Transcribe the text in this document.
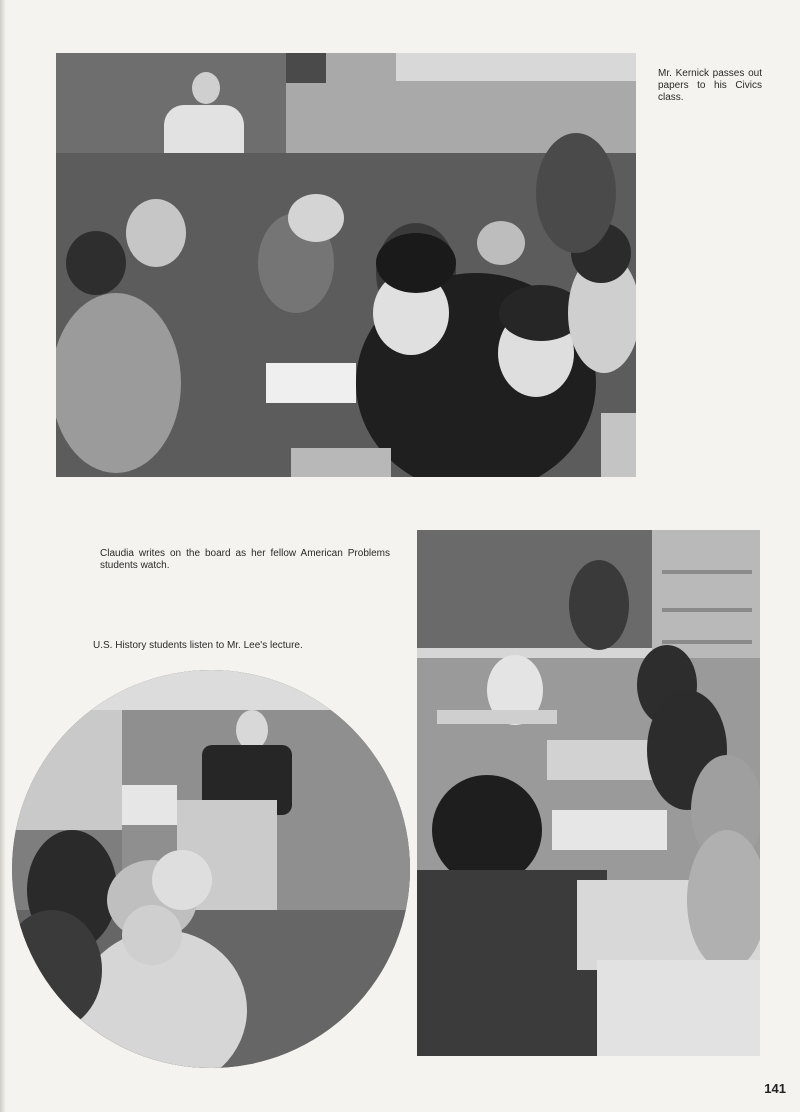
Mr. Kernick passes out papers to his Civics class.
Claudia writes on the board as her fellow American Problems students watch.
U.S. History students listen to Mr. Lee's lecture.
141
